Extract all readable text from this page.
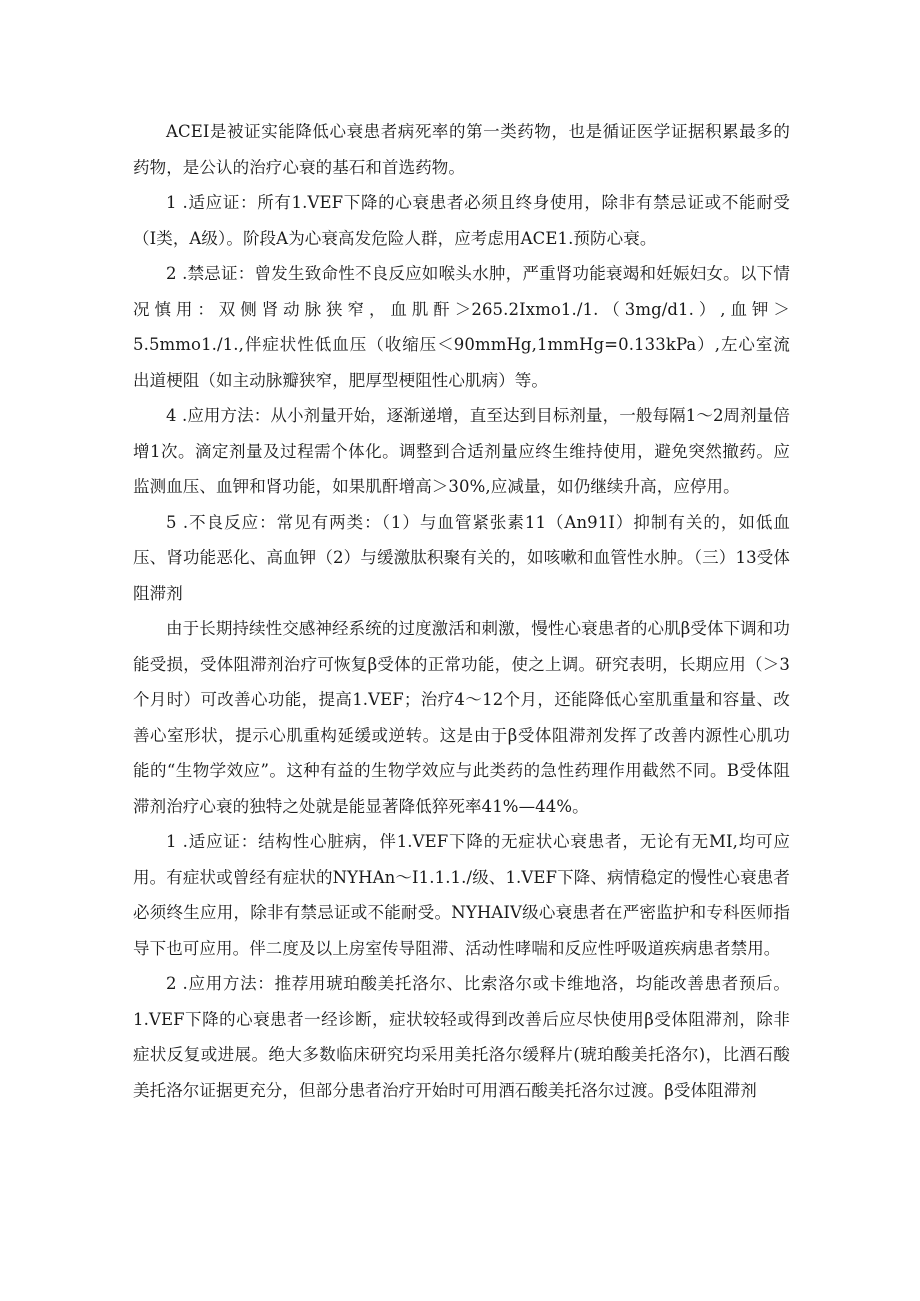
ACEI是被证实能降低心衰患者病死率的第一类药物，也是循证医学证据积累最多的药物，是公认的治疗心衰的基石和首选药物。

1 .适应证：所有1.VEF下降的心衰患者必须且终身使用，除非有禁忌证或不能耐受（I类，A级）。阶段A为心衰高发危险人群，应考虑用ACE1.预防心衰。

2 .禁忌证：曾发生致命性不良反应如喉头水肿，严重肾功能衰竭和妊娠妇女。以下情况慎用：双侧肾动脉狭窄，血肌酐＞265.2Ixmo1./1.（3mg/d1.）,血钾＞5.5mmo1./1.,伴症状性低血压（收缩压＜90mmHg,1mmHg=0.133kPa）,左心室流出道梗阻（如主动脉瓣狭窄，肥厚型梗阻性心肌病）等。

4 .应用方法：从小剂量开始，逐渐递增，直至达到目标剂量，一般每隔1～2周剂量倍增1次。滴定剂量及过程需个体化。调整到合适剂量应终生维持使用，避免突然撤药。应监测血压、血钾和肾功能，如果肌酐增高＞30%,应减量，如仍继续升高，应停用。

5 .不良反应：常见有两类：（1）与血管紧张素11（An91I）抑制有关的，如低血压、肾功能恶化、高血钾（2）与缓激肽积聚有关的，如咳嗽和血管性水肿。（三）13受体阻滞剂

由于长期持续性交感神经系统的过度激活和刺激，慢性心衰患者的心肌β受体下调和功能受损，受体阻滞剂治疗可恢复β受体的正常功能，使之上调。研究表明，长期应用（＞3个月时）可改善心功能，提高1.VEF；治疗4～12个月，还能降低心室肌重量和容量、改善心室形状，提示心肌重构延缓或逆转。这是由于β受体阻滞剂发挥了改善内源性心肌功能的“生物学效应”。这种有益的生物学效应与此类药的急性药理作用截然不同。B受体阻滞剂治疗心衰的独特之处就是能显著降低猝死率41%—44%。

1 .适应证：结构性心脏病，伴1.VEF下降的无症状心衰患者，无论有无MI,均可应用。有症状或曾经有症状的NYHAn～I1.1.1./级、1.VEF下降、病情稳定的慢性心衰患者必须终生应用，除非有禁忌证或不能耐受。NYHAIV级心衰患者在严密监护和专科医师指导下也可应用。伴二度及以上房室传导阻滞、活动性哮喘和反应性呼吸道疾病患者禁用。

2 .应用方法：推荐用琥珀酸美托洛尔、比索洛尔或卡维地洛，均能改善患者预后。1.VEF下降的心衰患者一经诊断，症状较轻或得到改善后应尽快使用β受体阻滞剂，除非症状反复或进展。绝大多数临床研究均采用美托洛尔缓释片(琥珀酸美托洛尔)，比酒石酸美托洛尔证据更充分，但部分患者治疗开始时可用酒石酸美托洛尔过渡。β受体阻滞剂
